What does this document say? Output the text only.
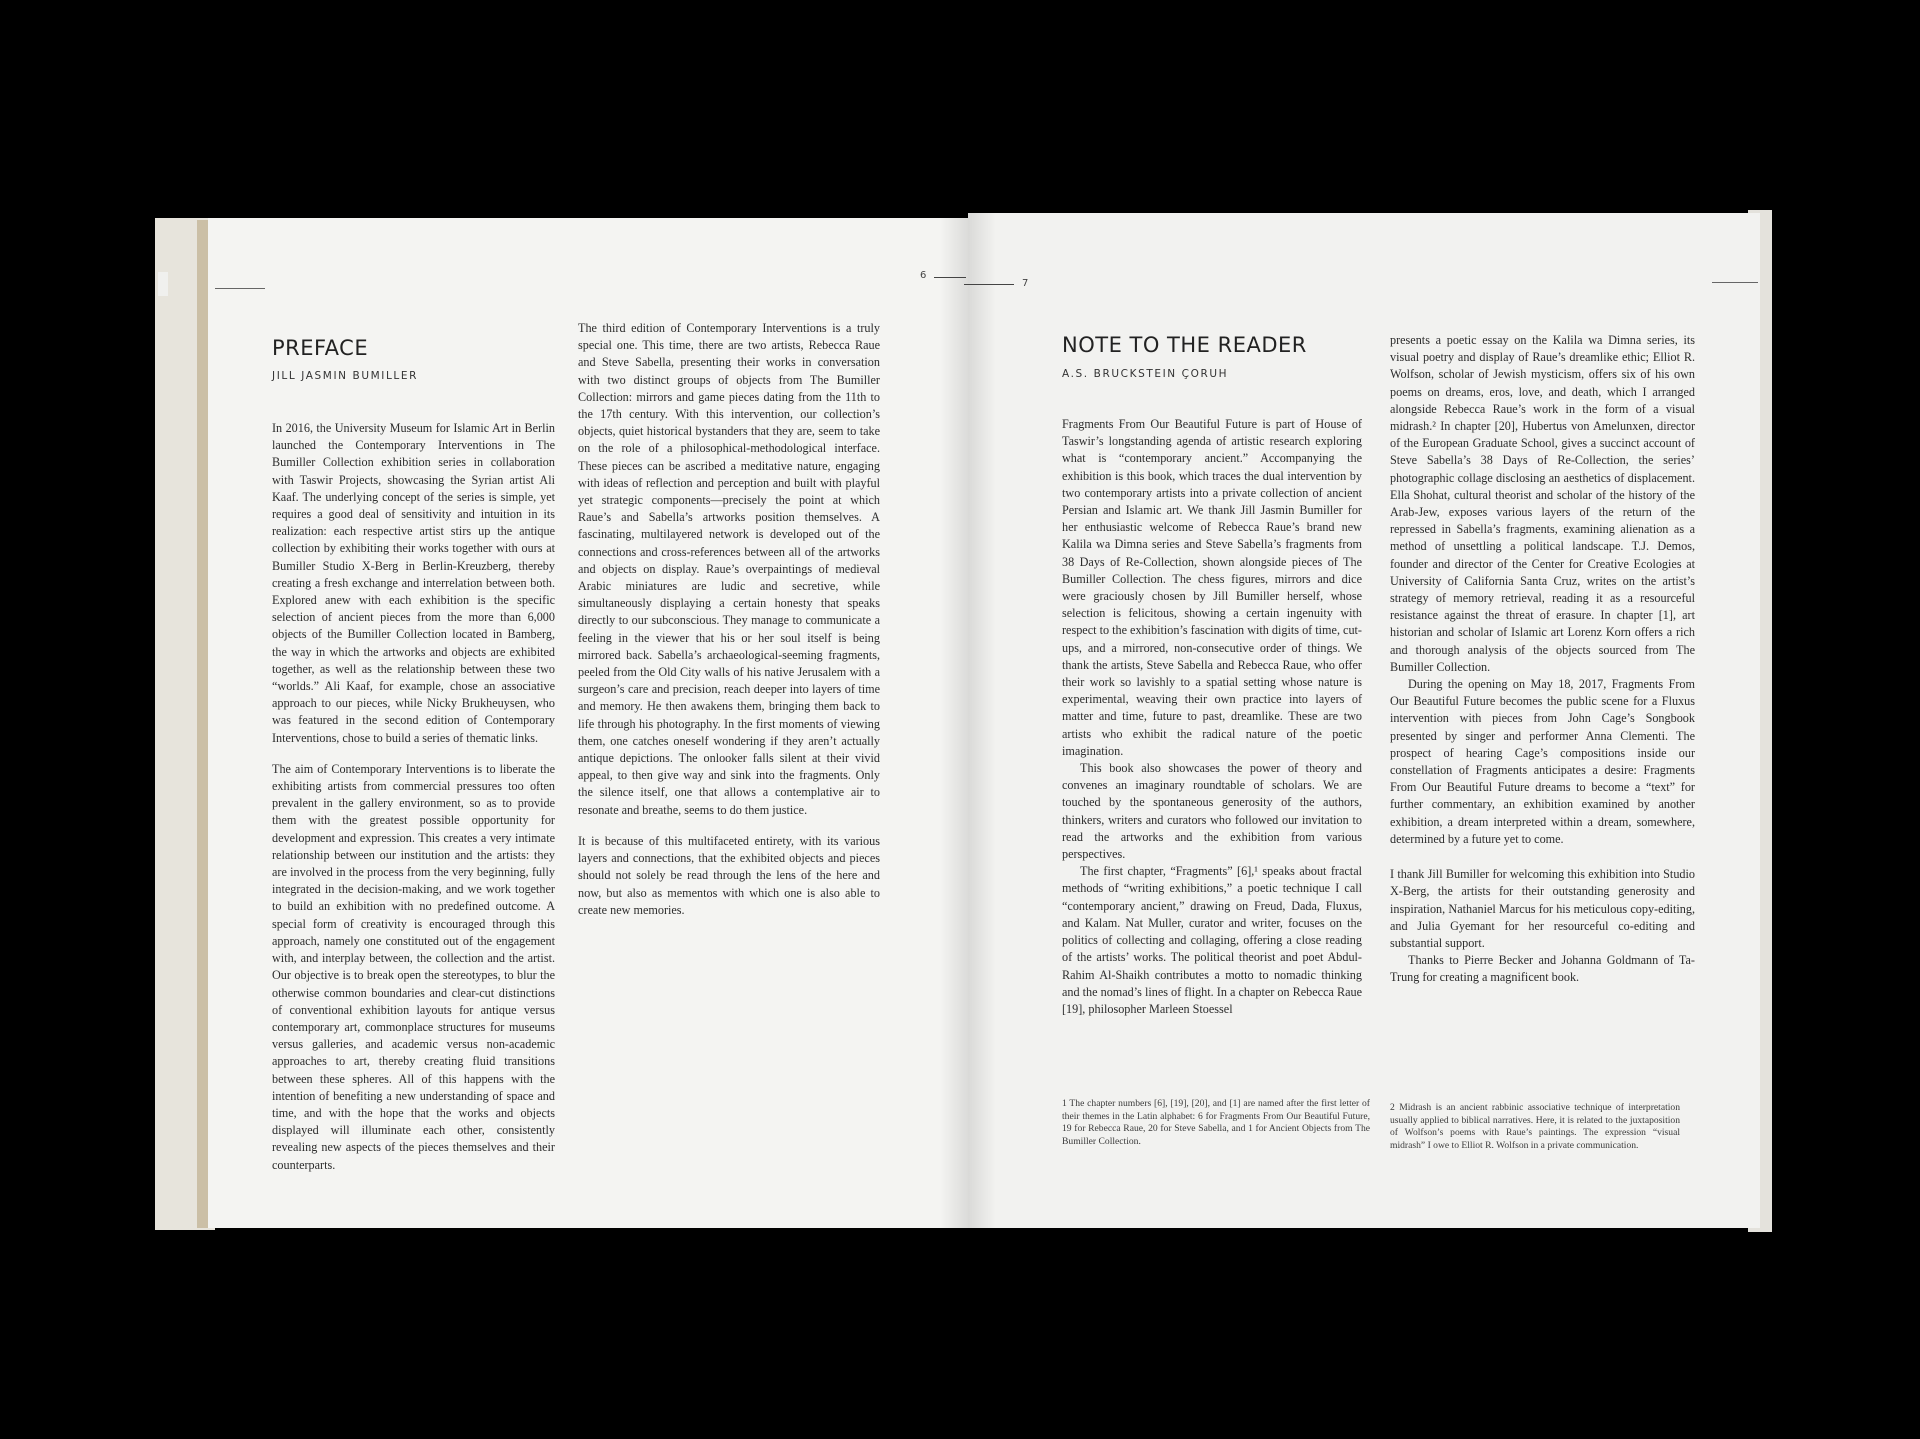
6
7
PREFACE
JILL JASMIN BUMILLER

In 2016, the University Museum for Islamic Art in Berlin launched the Contemporary Interventions in The Bumiller Collection exhibition series in collaboration with Taswir Projects, showcasing the Syrian artist Ali Kaaf. The underlying concept of the series is simple, yet requires a good deal of sensitivity and intuition in its realization: each respective artist stirs up the antique collection by exhibiting their works together with ours at Bumiller Studio X-Berg in Berlin-Kreuzberg, thereby creating a fresh exchange and interrelation between both. Explored anew with each exhibition is the specific selection of ancient pieces from the more than 6,000 objects of the Bumiller Collection located in Bamberg, the way in which the artworks and objects are exhibited together, as well as the relationship between these two “worlds.” Ali Kaaf, for example, chose an associative approach to our pieces, while Nicky Brukheuysen, who was featured in the second edition of Contemporary Interventions, chose to build a series of thematic links.

The aim of Contemporary Interventions is to liberate the exhibiting artists from commercial pressures too often prevalent in the gallery environment, so as to provide them with the greatest possible opportunity for development and expression. This creates a very intimate relationship between our institution and the artists: they are involved in the process from the very beginning, fully integrated in the decision-making, and we work together to build an exhibition with no predefined outcome. A special form of creativity is encouraged through this approach, namely one constituted out of the engagement with, and interplay between, the collection and the artist. Our objective is to break open the stereotypes, to blur the otherwise common boundaries and clear-cut distinctions of conventional exhibition layouts for antique versus contemporary art, commonplace structures for museums versus galleries, and academic versus non-academic approaches to art, thereby creating fluid transitions between these spheres. All of this happens with the intention of benefiting a new understanding of space and time, and with the hope that the works and objects displayed will illuminate each other, consistently revealing new aspects of the pieces themselves and their counterparts.

The third edition of Contemporary Interventions is a truly special one. This time, there are two artists, Rebecca Raue and Steve Sabella, presenting their works in conversation with two distinct groups of objects from The Bumiller Collection: mirrors and game pieces dating from the 11th to the 17th century. With this intervention, our collection’s objects, quiet historical bystanders that they are, seem to take on the role of a philosophical-methodological interface. These pieces can be ascribed a meditative nature, engaging with ideas of reflection and perception and built with playful yet strategic components—precisely the point at which Raue’s and Sabella’s artworks position themselves. A fascinating, multilayered network is developed out of the connections and cross-references between all of the artworks and objects on display. Raue’s overpaintings of medieval Arabic miniatures are ludic and secretive, while simultaneously displaying a certain honesty that speaks directly to our subconscious. They manage to communicate a feeling in the viewer that his or her soul itself is being mirrored back. Sabella’s archaeological-seeming fragments, peeled from the Old City walls of his native Jerusalem with a surgeon’s care and precision, reach deeper into layers of time and memory. He then awakens them, bringing them back to life through his photography. In the first moments of viewing them, one catches oneself wondering if they aren’t actually antique depictions. The onlooker falls silent at their vivid appeal, to then give way and sink into the fragments. Only the silence itself, one that allows a contemplative air to resonate and breathe, seems to do them justice.

It is because of this multifaceted entirety, with its various layers and connections, that the exhibited objects and pieces should not solely be read through the lens of the here and now, but also as mementos with which one is also able to create new memories.

NOTE TO THE READER
A.S. BRUCKSTEIN ÇORUH

Fragments From Our Beautiful Future is part of House of Taswir’s longstanding agenda of artistic research exploring what is “contemporary ancient.” Accompanying the exhibition is this book, which traces the dual intervention by two contemporary artists into a private collection of ancient Persian and Islamic art. We thank Jill Jasmin Bumiller for her enthusiastic welcome of Rebecca Raue’s brand new Kalila wa Dimna series and Steve Sabella’s fragments from 38 Days of Re-Collection, shown alongside pieces of The Bumiller Collection. The chess figures, mirrors and dice were graciously chosen by Jill Bumiller herself, whose selection is felicitous, showing a certain ingenuity with respect to the exhibition’s fascination with digits of time, cut-ups, and a mirrored, non-consecutive order of things. We thank the artists, Steve Sabella and Rebecca Raue, who offer their work so lavishly to a spatial setting whose nature is experimental, weaving their own practice into layers of matter and time, future to past, dreamlike. These are two artists who exhibit the radical nature of the poetic imagination.

This book also showcases the power of theory and convenes an imaginary roundtable of scholars. We are touched by the spontaneous generosity of the authors, thinkers, writers and curators who followed our invitation to read the artworks and the exhibition from various perspectives.

The first chapter, “Fragments” [6],¹ speaks about fractal methods of “writing exhibitions,” a poetic technique I call “contemporary ancient,” drawing on Freud, Dada, Fluxus, and Kalam. Nat Muller, curator and writer, focuses on the politics of collecting and collaging, offering a close reading of the artists’ works. The political theorist and poet Abdul-Rahim Al-Shaikh contributes a motto to nomadic thinking and the nomad’s lines of flight. In a chapter on Rebecca Raue [19], philosopher Marleen Stoessel

presents a poetic essay on the Kalila wa Dimna series, its visual poetry and display of Raue’s dreamlike ethic; Elliot R. Wolfson, scholar of Jewish mysticism, offers six of his own poems on dreams, eros, love, and death, which I arranged alongside Rebecca Raue’s work in the form of a visual midrash.² In chapter [20], Hubertus von Amelunxen, director of the European Graduate School, gives a succinct account of Steve Sabella’s 38 Days of Re-Collection, the series’ photographic collage disclosing an aesthetics of displacement. Ella Shohat, cultural theorist and scholar of the history of the Arab-Jew, exposes various layers of the return of the repressed in Sabella’s fragments, examining alienation as a method of unsettling a political landscape. T.J. Demos, founder and director of the Center for Creative Ecologies at University of California Santa Cruz, writes on the artist’s strategy of memory retrieval, reading it as a resourceful resistance against the threat of erasure. In chapter [1], art historian and scholar of Islamic art Lorenz Korn offers a rich and thorough analysis of the objects sourced from The Bumiller Collection.

During the opening on May 18, 2017, Fragments From Our Beautiful Future becomes the public scene for a Fluxus intervention with pieces from John Cage’s Songbook presented by singer and performer Anna Clementi. The prospect of hearing Cage’s compositions inside our constellation of Fragments anticipates a desire: Fragments From Our Beautiful Future dreams to become a “text” for further commentary, an exhibition examined by another exhibition, a dream interpreted within a dream, somewhere, determined by a future yet to come.

I thank Jill Bumiller for welcoming this exhibition into Studio X-Berg, the artists for their outstanding generosity and inspiration, Nathaniel Marcus for his meticulous copy-editing, and Julia Gyemant for her resourceful co-editing and substantial support.

Thanks to Pierre Becker and Johanna Goldmann of Ta-Trung for creating a magnificent book.

1 The chapter numbers [6], [19], [20], and [1] are named after the first letter of their themes in the Latin alphabet: 6 for Fragments From Our Beautiful Future, 19 for Rebecca Raue, 20 for Steve Sabella, and 1 for Ancient Objects from The Bumiller Collection.
2 Midrash is an ancient rabbinic associative technique of interpretation usually applied to biblical narratives. Here, it is related to the juxtaposition of Wolfson’s poems with Raue’s paintings. The expression “visual midrash” I owe to Elliot R. Wolfson in a private communication.
